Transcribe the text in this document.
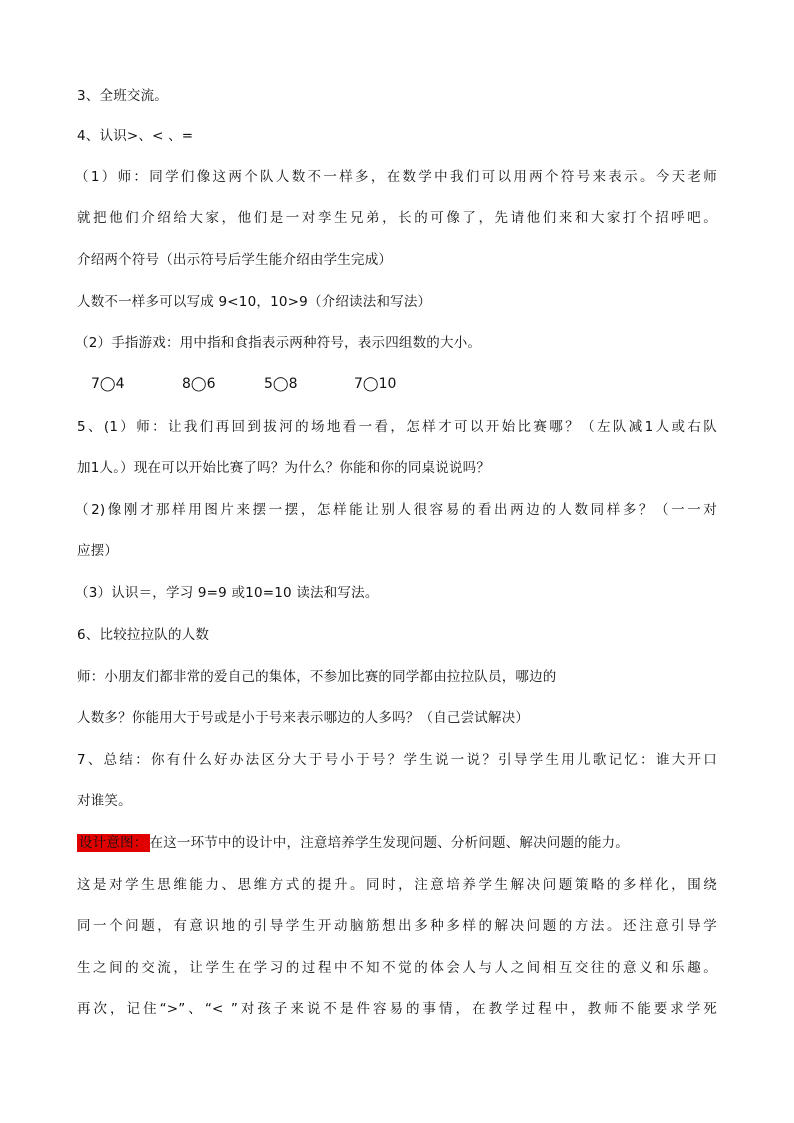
3、全班交流。
4、认识>、< 、=
（1）师：同学们像这两个队人数不一样多，在数学中我们可以用两个符号来表示。今天老师
就把他们介绍给大家，他们是一对孪生兄弟，长的可像了，先请他们来和大家打个招呼吧。
介绍两个符号（出示符号后学生能介绍由学生完成）
人数不一样多可以写成 9<10，10>9（介绍读法和写法）
（2）手指游戏：用中指和食指表示两种符号，表示四组数的大小。
7◯4	8◯6	5◯8	7◯10
5、(1）师：让我们再回到拔河的场地看一看，怎样才可以开始比赛哪？（左队减1人或右队
加1人。）现在可以开始比赛了吗？为什么？你能和你的同桌说说吗？
（2)像刚才那样用图片来摆一摆，怎样能让别人很容易的看出两边的人数同样多？（一一对
应摆）
（3）认识＝，学习 9=9 或10=10 读法和写法。
6、比较拉拉队的人数
师：小朋友们都非常的爱自己的集体，不参加比赛的同学都由拉拉队员，哪边的
人数多？你能用大于号或是小于号来表示哪边的人多吗？（自己尝试解决）
7、总结：你有什么好办法区分大于号小于号？学生说一说？引导学生用儿歌记忆：谁大开口
对谁笑。
设计意图： 在这一环节中的设计中，注意培养学生发现问题、分析问题、解决问题的能力。
这是对学生思维能力、思维方式的提升。同时，注意培养学生解决问题策略的多样化，围绕
同一个问题，有意识地的引导学生开动脑筋想出多种多样的解决问题的方法。还注意引导学
生之间的交流，让学生在学习的过程中不知不觉的体会人与人之间相互交往的意义和乐趣。
再次，记住“>”、“< ”对孩子来说不是件容易的事情，在教学过程中，教师不能要求学死
